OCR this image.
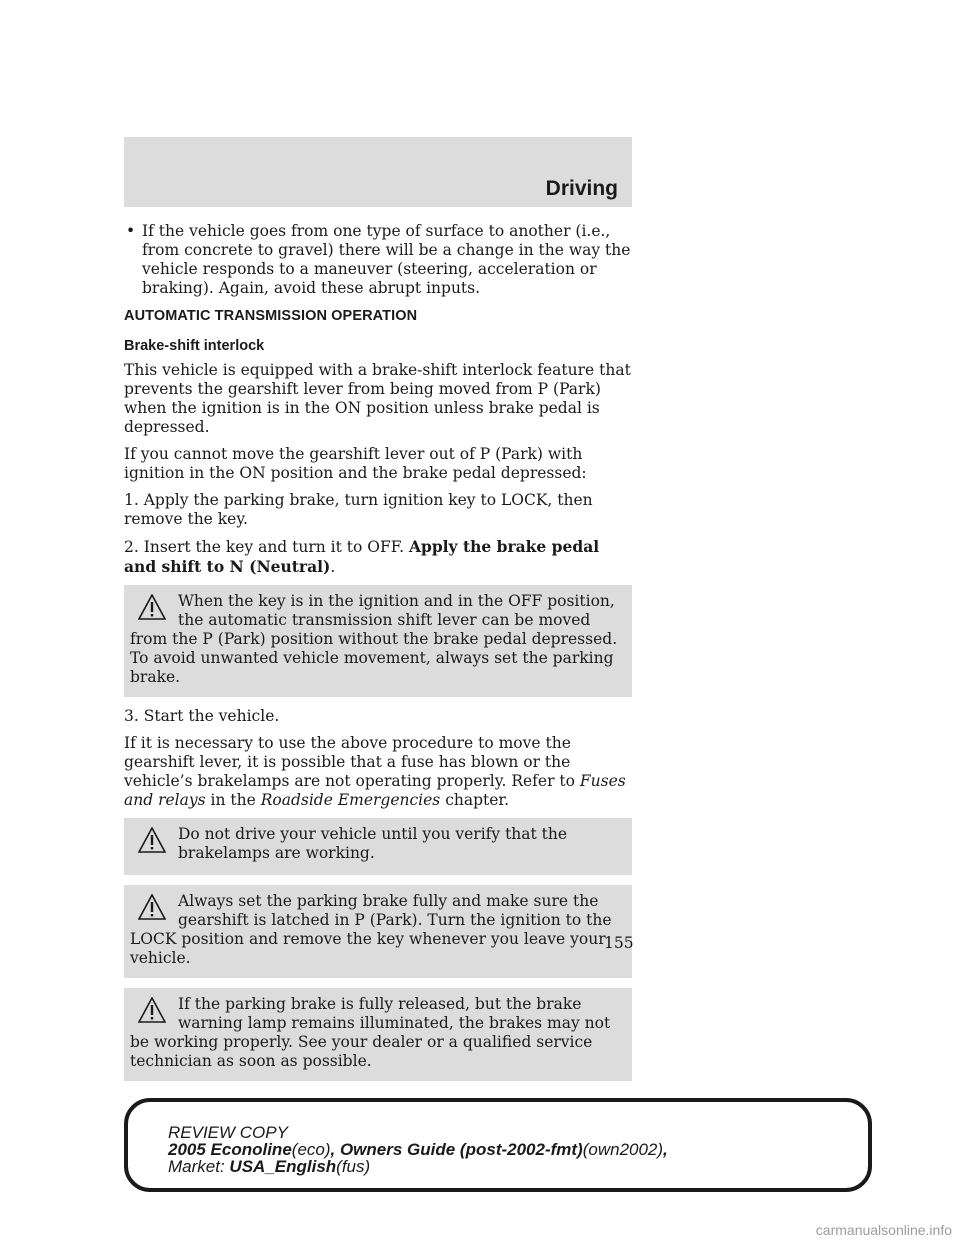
Driving
• If the vehicle goes from one type of surface to another (i.e., from concrete to gravel) there will be a change in the way the vehicle responds to a maneuver (steering, acceleration or braking). Again, avoid these abrupt inputs.
AUTOMATIC TRANSMISSION OPERATION
Brake-shift interlock

This vehicle is equipped with a brake-shift interlock feature that prevents the gearshift lever from being moved from P (Park) when the ignition is in the ON position unless brake pedal is depressed.

If you cannot move the gearshift lever out of P (Park) with ignition in the ON position and the brake pedal depressed:

1. Apply the parking brake, turn ignition key to LOCK, then remove the key.

2. Insert the key and turn it to OFF. Apply the brake pedal and shift to N (Neutral).

When the key is in the ignition and in the OFF position, the automatic transmission shift lever can be moved from the P (Park) position without the brake pedal depressed. To avoid unwanted vehicle movement, always set the parking brake.

3. Start the vehicle.

If it is necessary to use the above procedure to move the gearshift lever, it is possible that a fuse has blown or the vehicle’s brakelamps are not operating properly. Refer to Fuses and relays in the Roadside Emergencies chapter.

Do not drive your vehicle until you verify that the brakelamps are working.
Always set the parking brake fully and make sure the gearshift is latched in P (Park). Turn the ignition to the LOCK position and remove the key whenever you leave your vehicle.
If the parking brake is fully released, but the brake warning lamp remains illuminated, the brakes may not be working properly. See your dealer or a qualified service technician as soon as possible.
155
REVIEW COPY
2005 Econoline(eco), Owners Guide (post-2002-fmt)(own2002),
Market: USA_English(fus)
carmanualsonline.info
